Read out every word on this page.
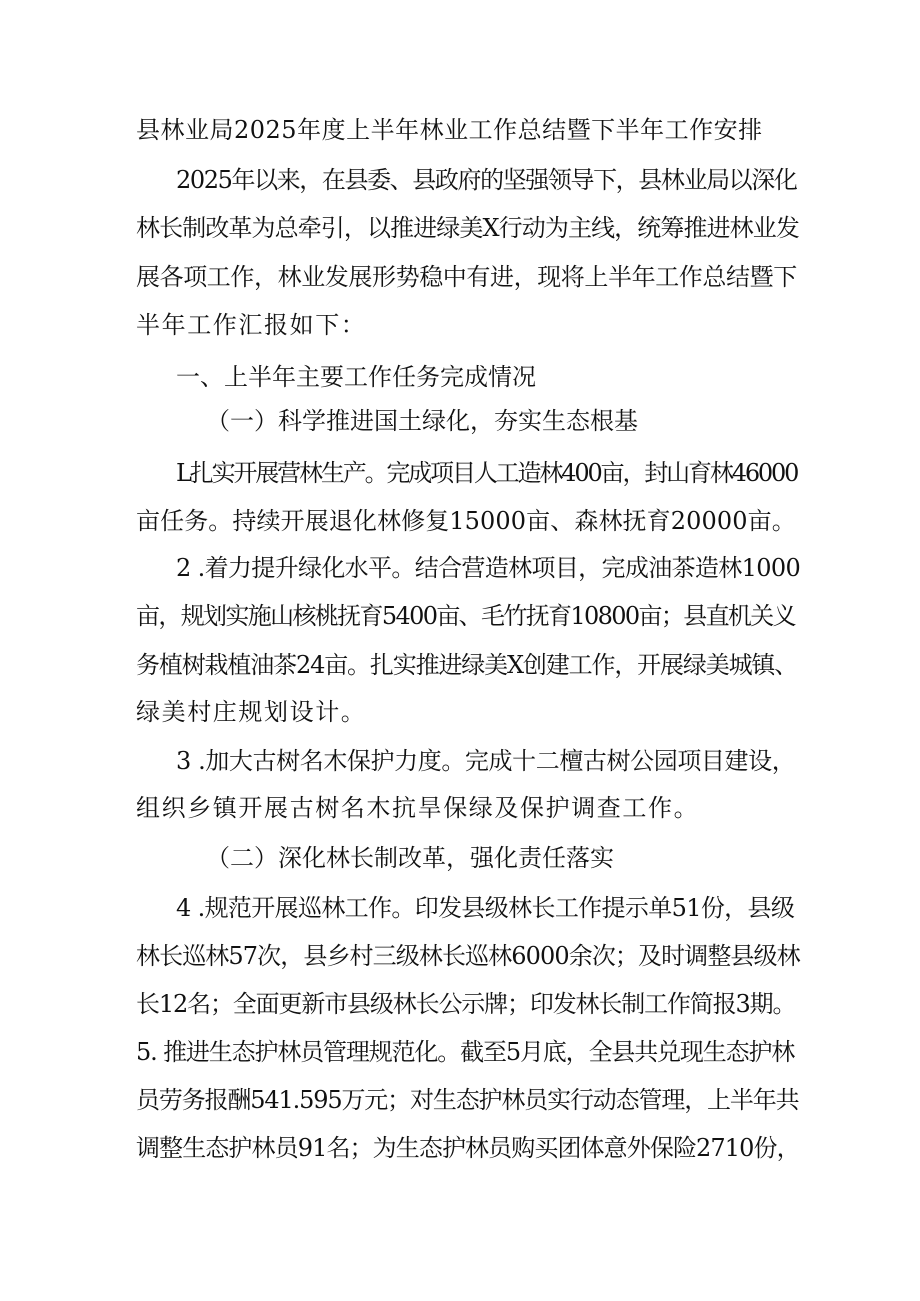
县林业局2025年度上半年林业工作总结暨下半年工作安排
2025年以来，在县委、县政府的坚强领导下，县林业局以深化
林长制改革为总牵引，以推进绿美X行动为主线，统筹推进林业发
展各项工作，林业发展形势稳中有进，现将上半年工作总结暨下
半年工作汇报如下：
一、上半年主要工作任务完成情况
（一）科学推进国土绿化，夯实生态根基
L扎实开展营林生产。完成项目人工造林400亩，封山育林46000
亩任务。持续开展退化林修复15000亩、森林抚育20000亩。
2 .着力提升绿化水平。结合营造林项目，完成油茶造林1000
亩，规划实施山核桃抚育5400亩、毛竹抚育10800亩；县直机关义
务植树栽植油茶24亩。扎实推进绿美X创建工作，开展绿美城镇、
绿美村庄规划设计。
3 .加大古树名木保护力度。完成十二檀古树公园项目建设，
组织乡镇开展古树名木抗旱保绿及保护调查工作。
（二）深化林长制改革，强化责任落实
4 .规范开展巡林工作。印发县级林长工作提示单51份，县级
林长巡林57次，县乡村三级林长巡林6000余次；及时调整县级林
长12名；全面更新市县级林长公示牌；印发林长制工作简报3期。
5. 推进生态护林员管理规范化。截至5月底，全县共兑现生态护林
员劳务报酬541.595万元；对生态护林员实行动态管理，上半年共
调整生态护林员91名；为生态护林员购买团体意外保险2710份，
